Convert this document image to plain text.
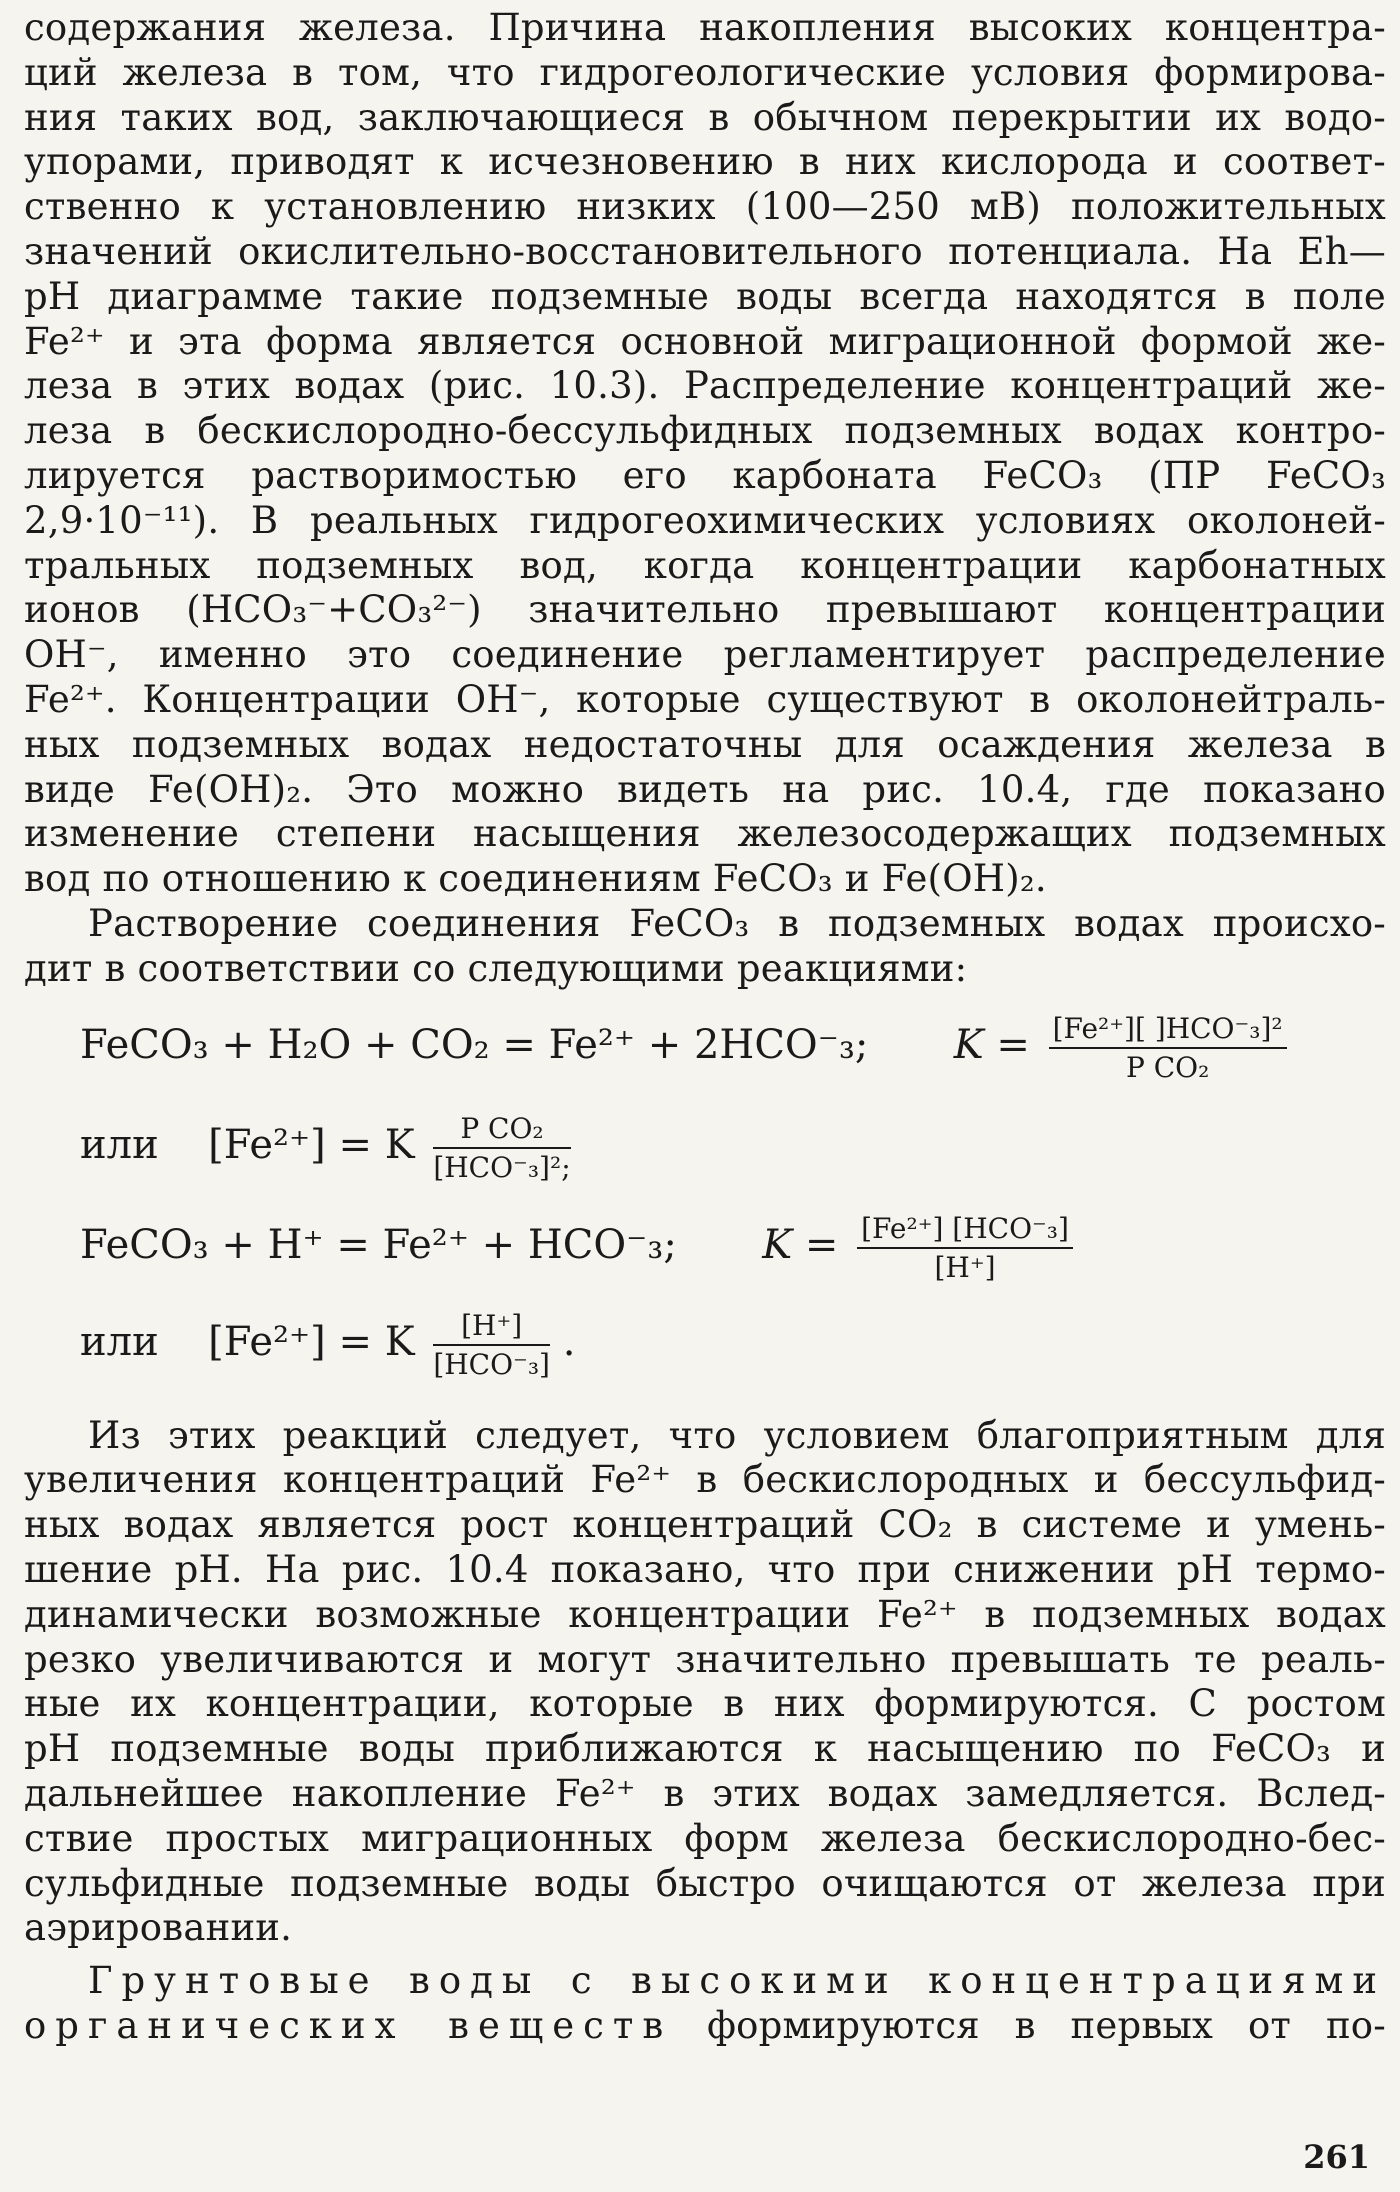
содержания железа. Причина накопления высоких концентра-
ций железа в том, что гидрогеологические условия формирова-
ния таких вод, заключающиеся в обычном перекрытии их водо-
упорами, приводят к исчезновению в них кислорода и соответ-
ственно к установлению низких (100—250 мВ) положительных
значений окислительно-восстановительного потенциала. На Eh—
pH диаграмме такие подземные воды всегда находятся в поле
Fe²⁺ и эта форма является основной миграционной формой же-
леза в этих водах (рис. 10.3). Распределение концентраций же-
леза в бескислородно-бессульфидных подземных водах контро-
лируется растворимостью его карбоната FeCO₃ (ПР FeCO₃
2,9·10⁻¹¹). В реальных гидрогеохимических условиях околоней-
тральных подземных вод, когда концентрации карбонатных
ионов (HCO₃⁻+CO₃²⁻) значительно превышают концентрации
OH⁻, именно это соединение регламентирует распределение
Fe²⁺. Концентрации OH⁻, которые существуют в околонейтраль-
ных подземных водах недостаточны для осаждения железа в
виде Fe(OH)₂. Это можно видеть на рис. 10.4, где показано
изменение степени насыщения железосодержащих подземных
вод по отношению к соединениям FeCO₃ и Fe(OH)₂.
Растворение соединения FeCO₃ в подземных водах происхо-
дит в соответствии со следующими реакциями:
FeCO₃ + H₂O + CO₂ = Fe²⁺ + 2HCO⁻₃; $K = \frac{\text{[Fe²⁺][ ]HCO⁻₃]²}}{\text{P CO₂}}$
или [Fe²⁺] = K $\frac{\text{P CO₂}}{\text{[HCO⁻₃]²;}}$
FeCO₃ + H⁺ = Fe²⁺ + HCO⁻₃; $K = \frac{\text{[Fe²⁺] [HCO⁻₃]}}{[H^+]}$
или [Fe²⁺] = K $\frac{[H^+]}{\text{[HCO⁻₃]}}$ .
Из этих реакций следует, что условием благоприятным для
увеличения концентраций Fe²⁺ в бескислородных и бессульфид-
ных водах является рост концентраций CO₂ в системе и умень-
шение pH. На рис. 10.4 показано, что при снижении pH термо-
динамически возможные концентрации Fe²⁺ в подземных водах
резко увеличиваются и могут значительно превышать те реаль-
ные их концентрации, которые в них формируются. С ростом
pH подземные воды приближаются к насыщению по FeCO₃ и
дальнейшее накопление Fe²⁺ в этих водах замедляется. Вслед-
ствие простых миграционных форм железа бескислородно-бес-
сульфидные подземные воды быстро очищаются от железа при
аэрировании.
Грунтовые воды с высокими концентрациями
органических веществ формируются в первых от по-
261
